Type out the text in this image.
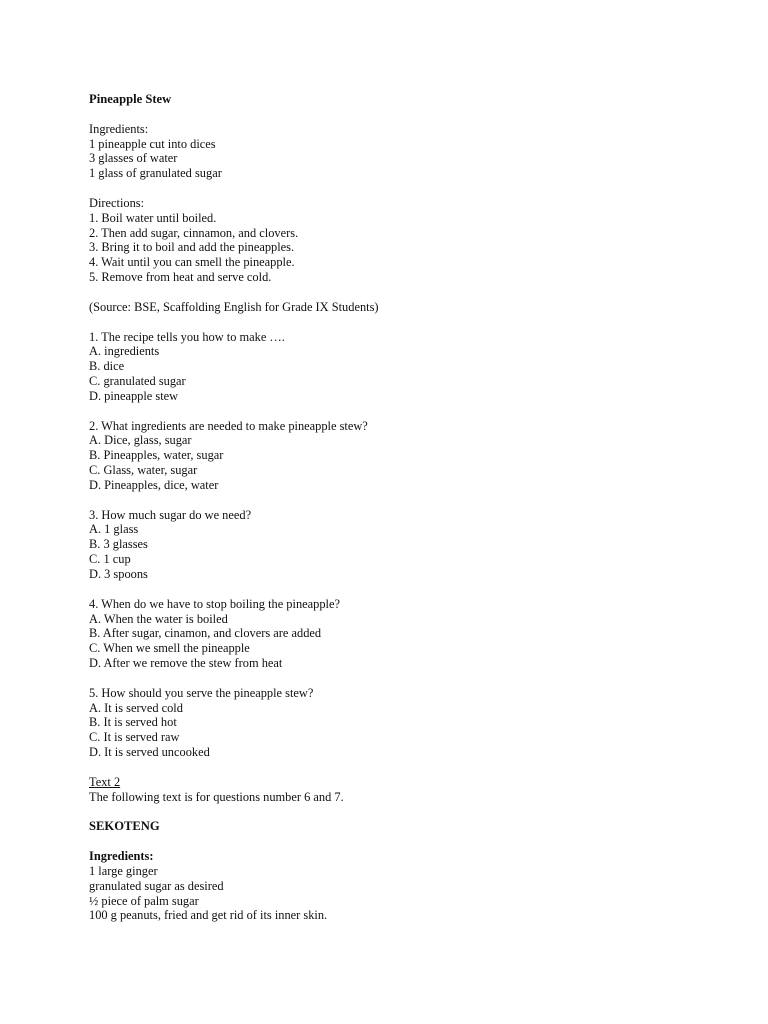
Pineapple Stew
Ingredients:
1 pineapple cut into dices
3 glasses of water
1 glass of granulated sugar
Directions:
1. Boil water until boiled.
2. Then add sugar, cinnamon, and clovers.
3. Bring it to boil and add the pineapples.
4. Wait until you can smell the pineapple.
5. Remove from heat and serve cold.
(Source: BSE, Scaffolding English for Grade IX Students)
1. The recipe tells you how to make ….
A. ingredients
B. dice
C. granulated sugar
D. pineapple stew
2. What ingredients are needed to make pineapple stew?
A. Dice, glass, sugar
B. Pineapples, water, sugar
C. Glass, water, sugar
D. Pineapples, dice, water
3. How much sugar do we need?
A. 1 glass
B. 3 glasses
C. 1 cup
D. 3 spoons
4. When do we have to stop boiling the pineapple?
A. When the water is boiled
B. After sugar, cinamon, and clovers are added
C. When we smell the pineapple
D. After we remove the stew from heat
5. How should you serve the pineapple stew?
A. It is served cold
B. It is served hot
C. It is served raw
D. It is served uncooked
Text 2
The following text is for questions number 6 and 7.
SEKOTENG
Ingredients:
1 large ginger
granulated sugar as desired
½ piece of palm sugar
100 g peanuts, fried and get rid of its inner skin.
